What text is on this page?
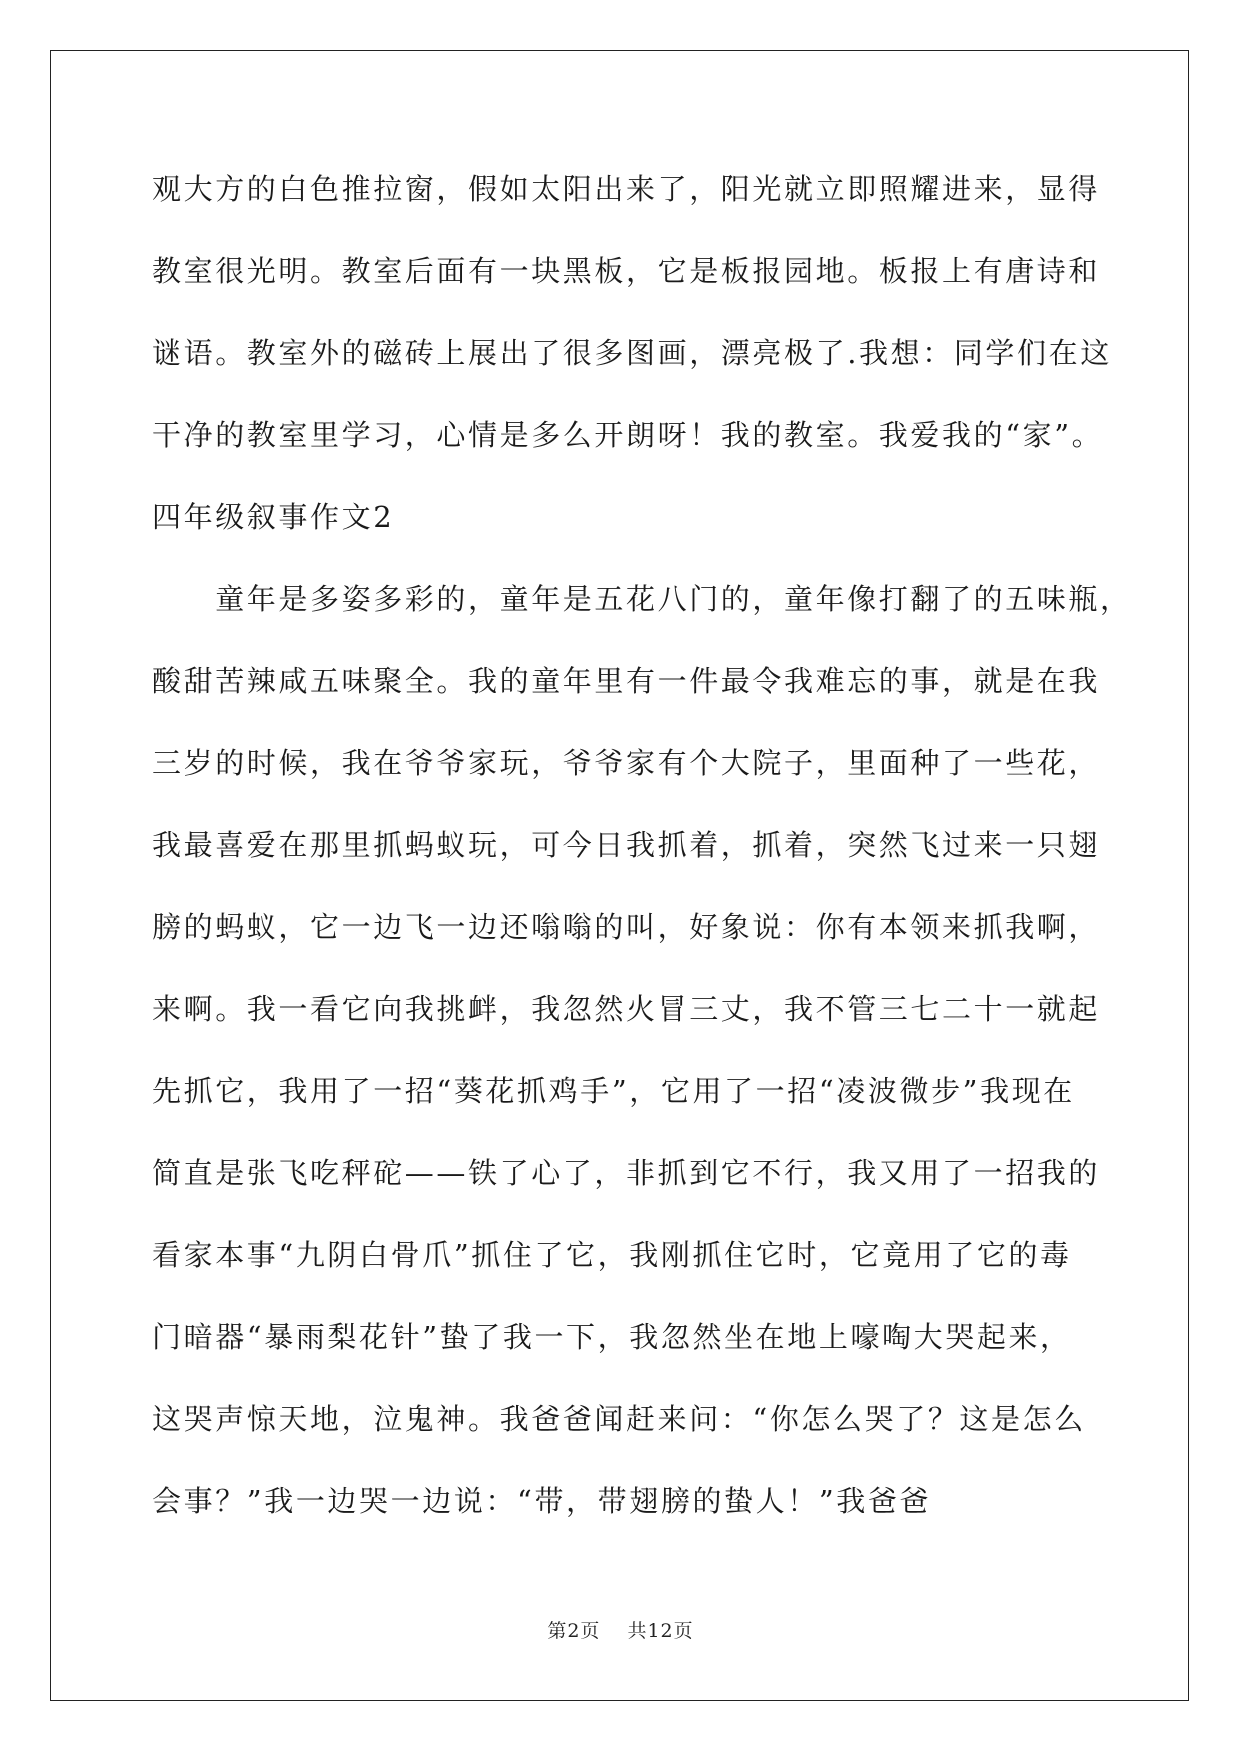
观大方的白色推拉窗，假如太阳出来了，阳光就立即照耀进来，显得
教室很光明。教室后面有一块黑板，它是板报园地。板报上有唐诗和
谜语。教室外的磁砖上展出了很多图画，漂亮极了.我想：同学们在这
干净的教室里学习，心情是多么开朗呀！我的教室。我爱我的“家”。
四年级叙事作文2
　　童年是多姿多彩的，童年是五花八门的，童年像打翻了的五味瓶，
酸甜苦辣咸五味聚全。我的童年里有一件最令我难忘的事，就是在我
三岁的时候，我在爷爷家玩，爷爷家有个大院子，里面种了一些花，
我最喜爱在那里抓蚂蚁玩，可今日我抓着，抓着，突然飞过来一只翅
膀的蚂蚁，它一边飞一边还嗡嗡的叫，好象说：你有本领来抓我啊，
来啊。我一看它向我挑衅，我忽然火冒三丈，我不管三七二十一就起
先抓它，我用了一招“葵花抓鸡手”，它用了一招“凌波微步”我现在
简直是张飞吃秤砣——铁了心了，非抓到它不行，我又用了一招我的
看家本事“九阴白骨爪”抓住了它，我刚抓住它时，它竟用了它的毒
门暗器“暴雨梨花针”蛰了我一下，我忽然坐在地上嚎啕大哭起来，
这哭声惊天地，泣鬼神。我爸爸闻赶来问：“你怎么哭了？这是怎么
会事？”我一边哭一边说：“带，带翅膀的蛰人！”我爸爸
第2页 共12页
